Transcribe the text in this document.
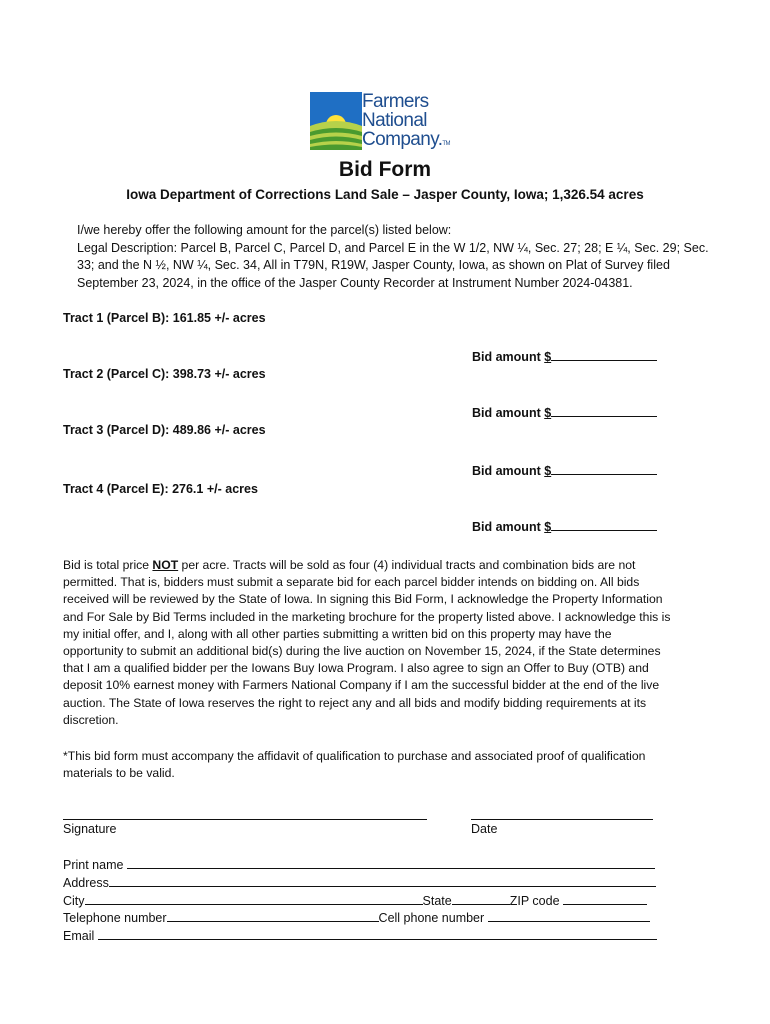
Farmers
National
Company.TM
Bid Form
Iowa Department of Corrections Land Sale – Jasper County, Iowa; 1,326.54 acres
I/we hereby offer the following amount for the parcel(s) listed below:
Legal Description: Parcel B, Parcel C, Parcel D, and Parcel E in the W 1/2, NW ¼, Sec. 27; 28; E ¼, Sec. 29; Sec.
33; and the N ½, NW ¼, Sec. 34, All in T79N, R19W, Jasper County, Iowa, as shown on Plat of Survey filed
September 23, 2024, in the office of the Jasper County Recorder at Instrument Number 2024-04381.
Tract 1 (Parcel B): 161.85 +/- acres
Bid amount $
Tract 2 (Parcel C): 398.73 +/- acres
Bid amount $
Tract 3 (Parcel D): 489.86 +/- acres
Bid amount $
Tract 4 (Parcel E): 276.1 +/- acres
Bid amount $
Bid is total price NOT per acre. Tracts will be sold as four (4) individual tracts and combination bids are not
permitted. That is, bidders must submit a separate bid for each parcel bidder intends on bidding on. All bids
received will be reviewed by the State of Iowa. In signing this Bid Form, I acknowledge the Property Information
and For Sale by Bid Terms included in the marketing brochure for the property listed above. I acknowledge this is
my initial offer, and I, along with all other parties submitting a written bid on this property may have the
opportunity to submit an additional bid(s) during the live auction on November 15, 2024, if the State determines
that I am a qualified bidder per the Iowans Buy Iowa Program. I also agree to sign an Offer to Buy (OTB) and
deposit 10% earnest money with Farmers National Company if I am the successful bidder at the end of the live
auction. The State of Iowa reserves the right to reject any and all bids and modify bidding requirements at its
discretion.
*This bid form must accompany the affidavit of qualification to purchase and associated proof of qualification
materials to be valid.
Signature	Date
Print name
Address
City	State	ZIP code
Telephone number	Cell phone number
Email
